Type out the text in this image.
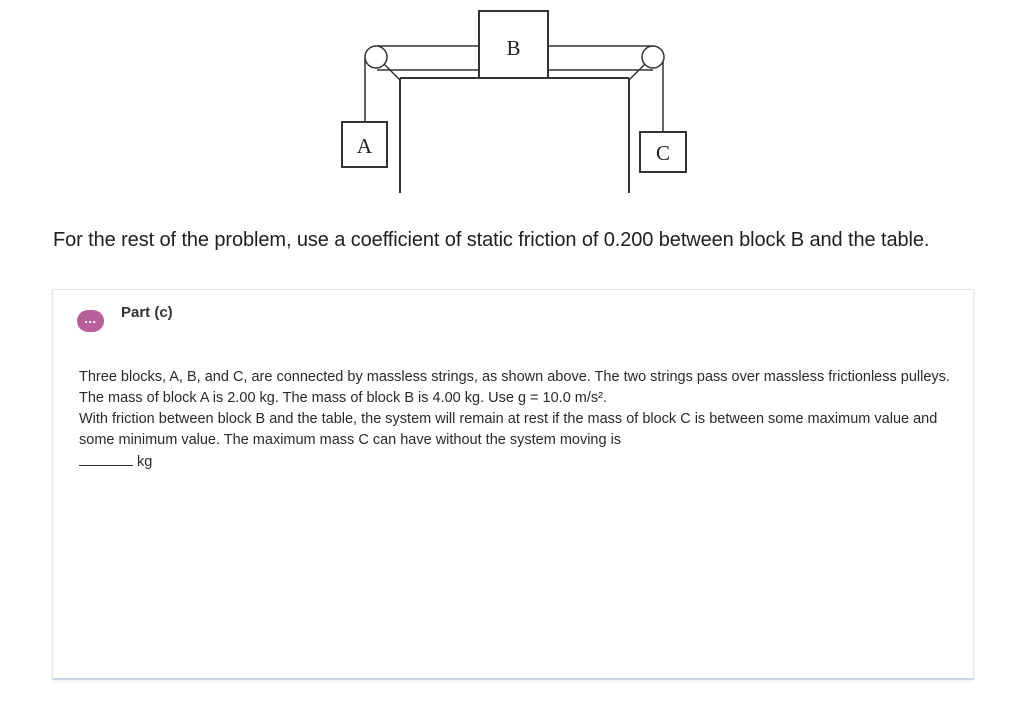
B
A	C
For the rest of the problem, use a coefficient of static friction of 0.200 between block B and the table.
...	Part (c)

Three blocks, A, B, and C, are connected by massless strings, as shown above. The two strings pass over massless frictionless pulleys. The mass of block A is 2.00 kg. The mass of block B is 4.00 kg. Use g = 10.0 m/s².

With friction between block B and the table, the system will remain at rest if the mass of block C is between some maximum value and some minimum value. The maximum mass C can have without the system moving is

kg
